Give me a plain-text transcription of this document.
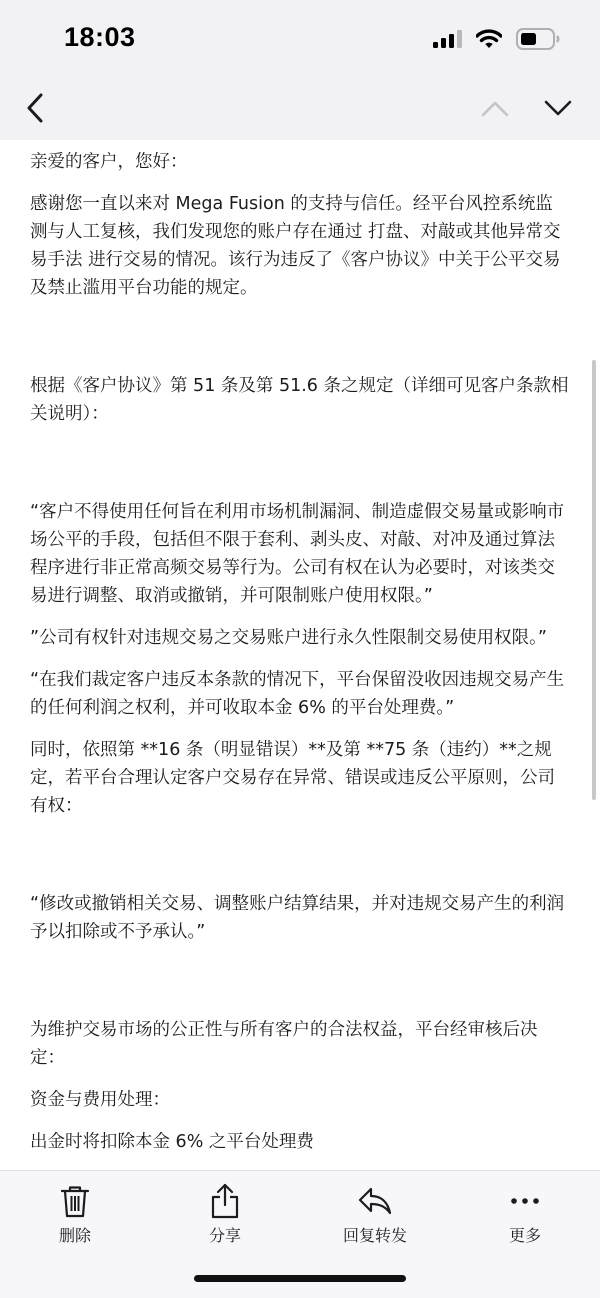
18:03

亲爱的客户，您好：

感谢您一直以来对 Mega Fusion 的支持与信任。经平台风控系统监测与人工复核，我们发现您的账户存在通过 打盘、对敲或其他异常交易手法 进行交易的情况。该行为违反了《客户协议》中关于公平交易及禁止滥用平台功能的规定。

根据《客户协议》第 51 条及第 51.6 条之规定（详细可见客户条款相关说明）：

“客户不得使用任何旨在利用市场机制漏洞、制造虚假交易量或影响市场公平的手段，包括但不限于套利、剥头皮、对敲、对冲及通过算法程序进行非正常高频交易等行为。公司有权在认为必要时，对该类交易进行调整、取消或撤销，并可限制账户使用权限。”

”公司有权针对违规交易之交易账户进行永久性限制交易使用权限。”

“在我们裁定客户违反本条款的情况下，平台保留没收因违规交易产生的任何利润之权利，并可收取本金 6% 的平台处理费。”

同时，依照第 **16 条（明显错误）**及第 **75 条（违约）**之规定，若平台合理认定客户交易存在异常、错误或违反公平原则，公司有权：

“修改或撤销相关交易、调整账户结算结果，并对违规交易产生的利润予以扣除或不予承认。”

为维护交易市场的公正性与所有客户的合法权益，平台经审核后决定：

资金与费用处理：

出金时将扣除本金 6% 之平台处理费

删除	分享	回复转发	更多
